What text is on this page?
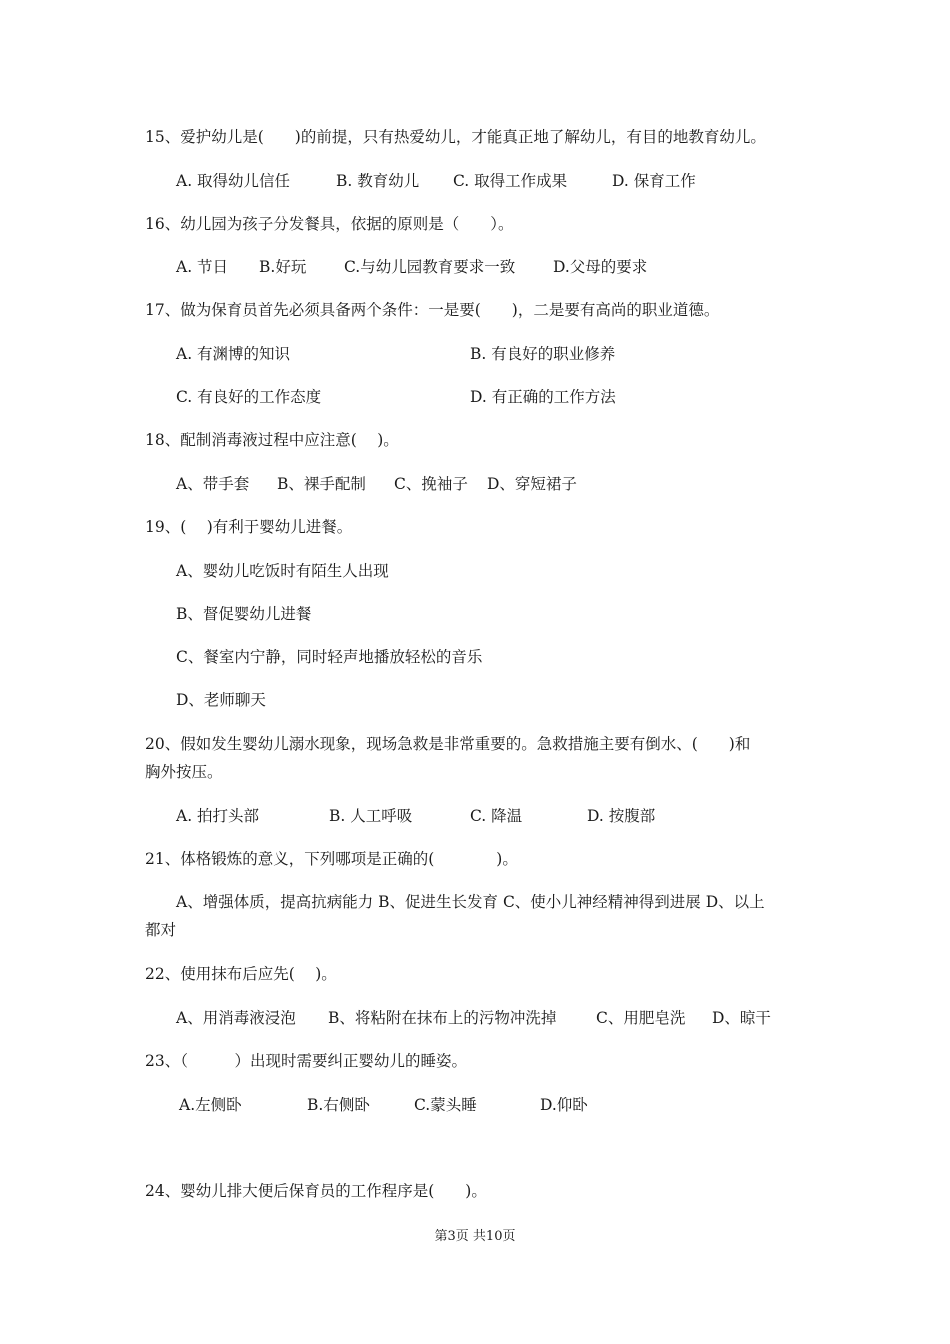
15、爱护幼儿是(　　)的前提，只有热爱幼儿，才能真正地了解幼儿，有目的地教育幼儿。
A. 取得幼儿信任	B. 教育幼儿 C. 取得工作成果	D. 保育工作
16、幼儿园为孩子分发餐具，依据的原则是（　　）。
A. 节日 B.好玩 C.与幼儿园教育要求一致 D.父母的要求
17、做为保育员首先必须具备两个条件：一是要(　　)，二是要有高尚的职业道德。
A. 有渊博的知识	B. 有良好的职业修养
C. 有良好的工作态度	D. 有正确的工作方法
18、配制消毒液过程中应注意(　 )。
A、带手套 B、裸手配制 C、挽袖子 D、穿短裙子
19、(　 )有利于婴幼儿进餐。
A、婴幼儿吃饭时有陌生人出现
B、督促婴幼儿进餐
C、餐室内宁静，同时轻声地播放轻松的音乐
D、老师聊天
20、假如发生婴幼儿溺水现象，现场急救是非常重要的。急救措施主要有倒水、(　　)和
胸外按压。
A. 拍打头部	B. 人工呼吸	C. 降温	D. 按腹部
21、体格锻炼的意义，下列哪项是正确的(　　　　)。
A、增强体质，提高抗病能力 B、促进生长发育 C、使小儿神经精神得到进展 D、以上
都对
22、使用抹布后应先(　 )。
A、用消毒液浸泡 B、将粘附在抹布上的污物冲洗掉	C、用肥皂洗 D、晾干
23、（　　　）出现时需要纠正婴幼儿的睡姿。
A.左侧卧	B.右侧卧	C.蒙头睡	D.仰卧
24、婴幼儿排大便后保育员的工作程序是(　　)。
第3页 共10页
